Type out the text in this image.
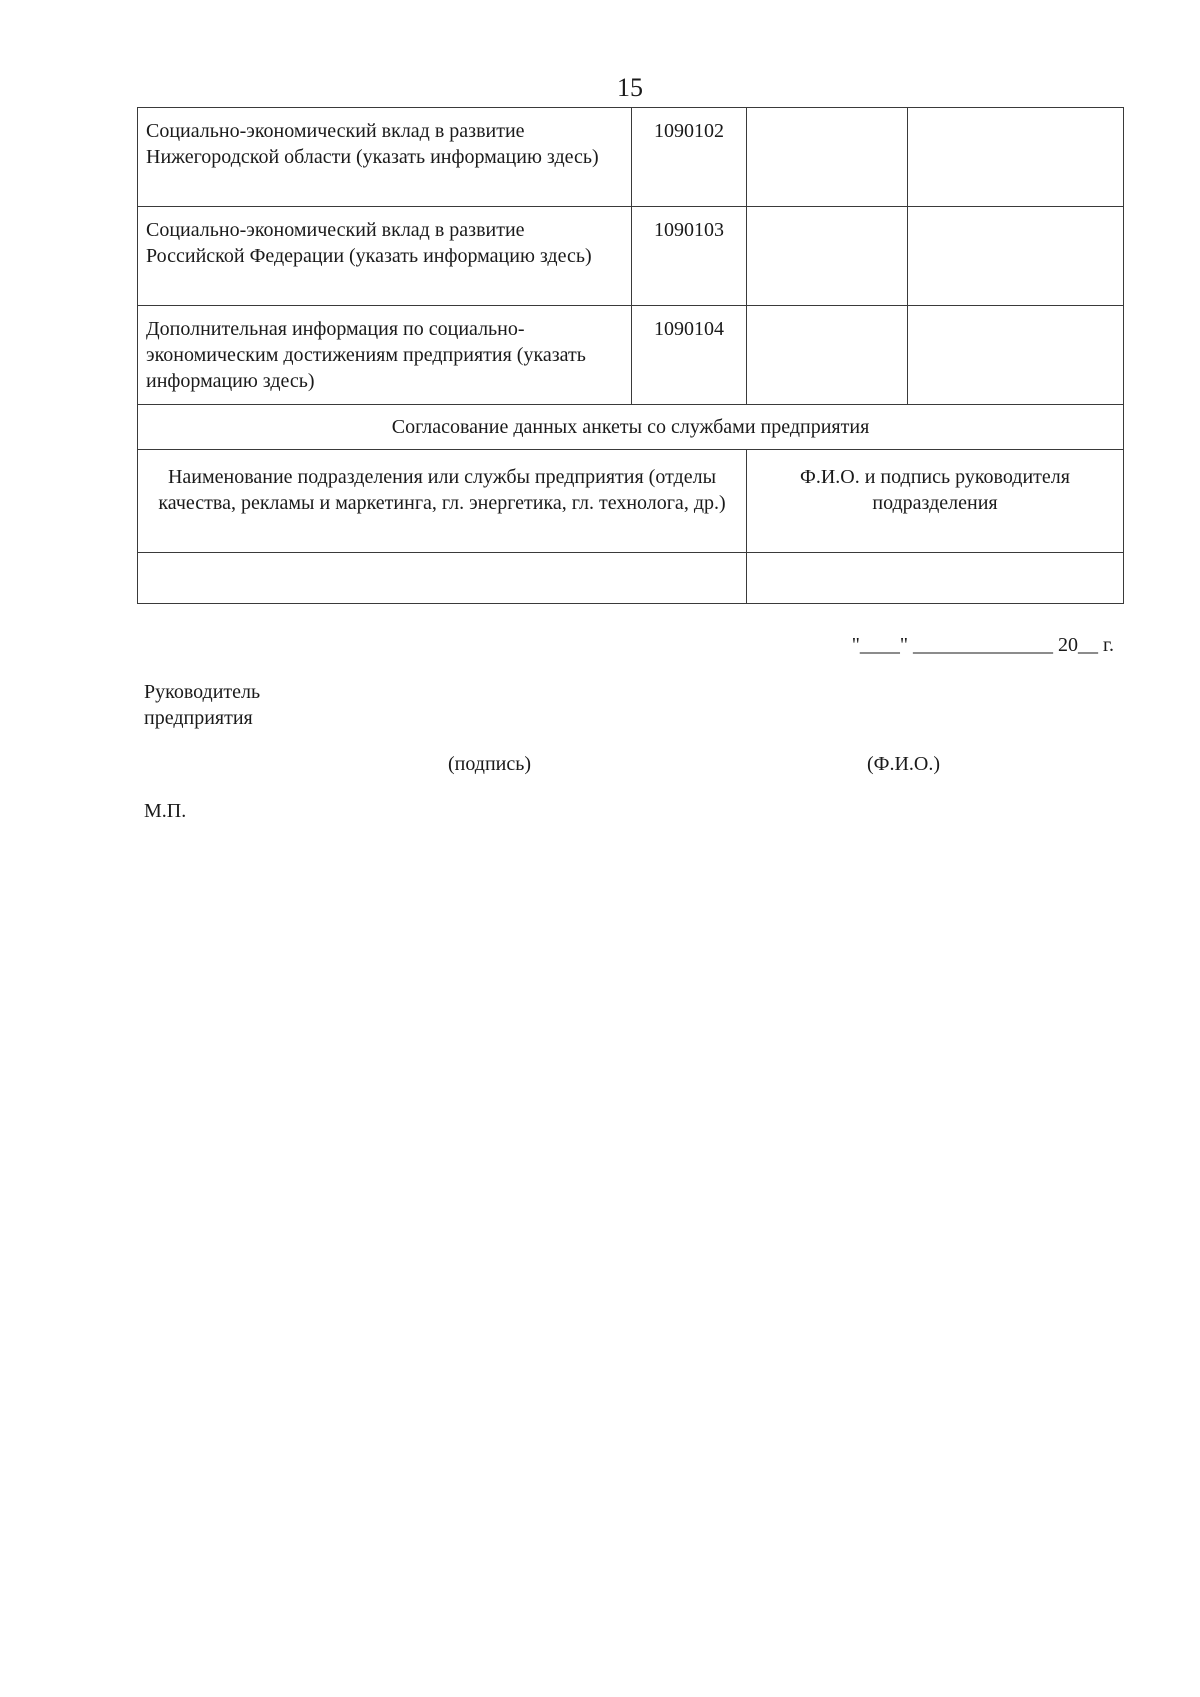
15
Социально-экономический вклад в развитие Нижегородской области (указать информацию здесь)	1090102		
Социально-экономический вклад в развитие Российской Федерации (указать информацию здесь)	1090103		
Дополнительная информация по социально-экономическим достижениям предприятия (указать информацию здесь)	1090104		
Согласование данных анкеты со службами предприятия			
Наименование подразделения или службы предприятия (отделы качества, рекламы и маркетинга, гл. энергетика, гл. технолога, др.)		Ф.И.О. и подпись руководителя подразделения	

"____" ______________ 20__ г.
Руководитель
предприятия
(подпись)	(Ф.И.О.)
М.П.
